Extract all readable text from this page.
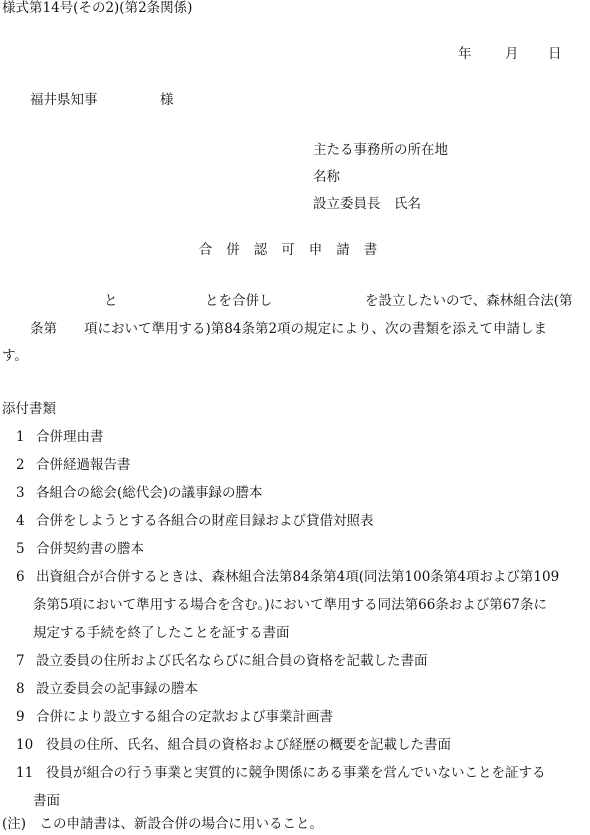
様式第14号(その2)(第2条関係)
年 月 日
福井県知事	様
主たる事務所の所在地
名称
設立委員長　氏名
合併認可申請書
と	とを合併し	を設立したいので、森林組合法(第
条第　　項において準用する)第84条第2項の規定により、次の書類を添えて申請しま
す。
添付書類
1 合併理由書
2 合併経過報告書
3 各組合の総会(総代会)の議事録の謄本
4 合併をしようとする各組合の財産目録および貸借対照表
5 合併契約書の謄本
6 出資組合が合併するときは、森林組合法第84条第4項(同法第100条第4項および第109
条第5項において準用する場合を含む。)において準用する同法第66条および第67条に
規定する手続を終了したことを証する書面
7 設立委員の住所および氏名ならびに組合員の資格を記載した書面
8 設立委員会の記事録の謄本
9 合併により設立する組合の定款および事業計画書
10 役員の住所、氏名、組合員の資格および経歴の概要を記載した書面
11 役員が組合の行う事業と実質的に競争関係にある事業を営んでいないことを証する
書面
(注)　この申請書は、新設合併の場合に用いること。
